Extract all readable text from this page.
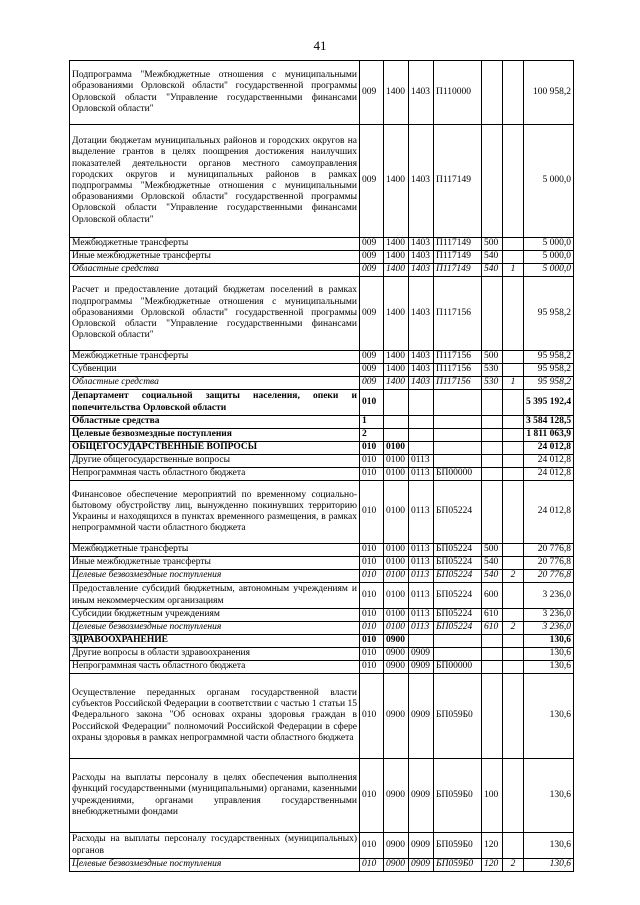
41
Подпрограмма "Межбюджетные отношения с муниципальными образованиями Орловской области" государственной программы Орловской области "Управление государственными финансами Орловской области"	009	1400	1403	П110000			100 958,2
Дотации бюджетам муниципальных районов и городских округов на выделение грантов в целях поощрения достижения наилучших показателей деятельности органов местного самоуправления городских округов и муниципальных районов в рамках подпрограммы "Межбюджетные отношения с муниципальными образованиями Орловской области" государственной программы Орловской области "Управление государственными финансами Орловской области"	009	1400	1403	П117149			5 000,0
Межбюджетные трансферты	009	1400	1403	П117149	500		5 000,0
Иные межбюджетные трансферты	009	1400	1403	П117149	540		5 000,0
Областные средства	009	1400	1403	П117149	540	1	5 000,0
Расчет и предоставление дотаций бюджетам поселений в рамках подпрограммы "Межбюджетные отношения с муниципальными образованиями Орловской области" государственной программы Орловской области "Управление государственными финансами Орловской области"	009	1400	1403	П117156			95 958,2
Межбюджетные трансферты	009	1400	1403	П117156	500		95 958,2
Субвенции	009	1400	1403	П117156	530		95 958,2
Областные средства	009	1400	1403	П117156	530	1	95 958,2
Департамент социальной защиты населения, опеки и попечительства Орловской области	010						5 395 192,4
Областные средства	1						3 584 128,5
Целевые безвозмездные поступления	2						1 811 063,9
ОБЩЕГОСУДАРСТВЕННЫЕ ВОПРОСЫ	010	0100					24 012,8
Другие общегосударственные вопросы	010	0100	0113				24 012,8
Непрограммная часть областного бюджета	010	0100	0113	БП00000			24 012,8
Финансовое обеспечение мероприятий по временному социально-бытовому обустройству лиц, вынужденно покинувших территорию Украины и находящихся в пунктах временного размещения, в рамках непрограммной части областного бюджета	010	0100	0113	БП05224			24 012,8
Межбюджетные трансферты	010	0100	0113	БП05224	500		20 776,8
Иные межбюджетные трансферты	010	0100	0113	БП05224	540		20 776,8
Целевые безвозмездные поступления	010	0100	0113	БП05224	540	2	20 776,8
Предоставление субсидий бюджетным, автономным учреждениям и иным некоммерческим организациям	010	0100	0113	БП05224	600		3 236,0
Субсидии бюджетным учреждениям	010	0100	0113	БП05224	610		3 236,0
Целевые безвозмездные поступления	010	0100	0113	БП05224	610	2	3 236,0
ЗДРАВООХРАНЕНИЕ	010	0900					130,6
Другие вопросы в области здравоохранения	010	0900	0909				130,6
Непрограммная часть областного бюджета	010	0900	0909	БП00000			130,6
Осуществление переданных органам государственной власти субъектов Российской Федерации в соответствии с частью 1 статьи 15 Федерального закона "Об основах охраны здоровья граждан в Российской Федерации" полномочий Российской Федерации в сфере охраны здоровья в рамках непрограммной части областного бюджета	010	0900	0909	БП059Б0			130,6
Расходы на выплаты персоналу в целях обеспечения выполнения функций государственными (муниципальными) органами, казенными учреждениями, органами управления государственными внебюджетными фондами	010	0900	0909	БП059Б0	100		130,6
Расходы на выплаты персоналу государственных (муниципальных) органов	010	0900	0909	БП059Б0	120		130,6
Целевые безвозмездные поступления	010	0900	0909	БП059Б0	120	2	130,6
